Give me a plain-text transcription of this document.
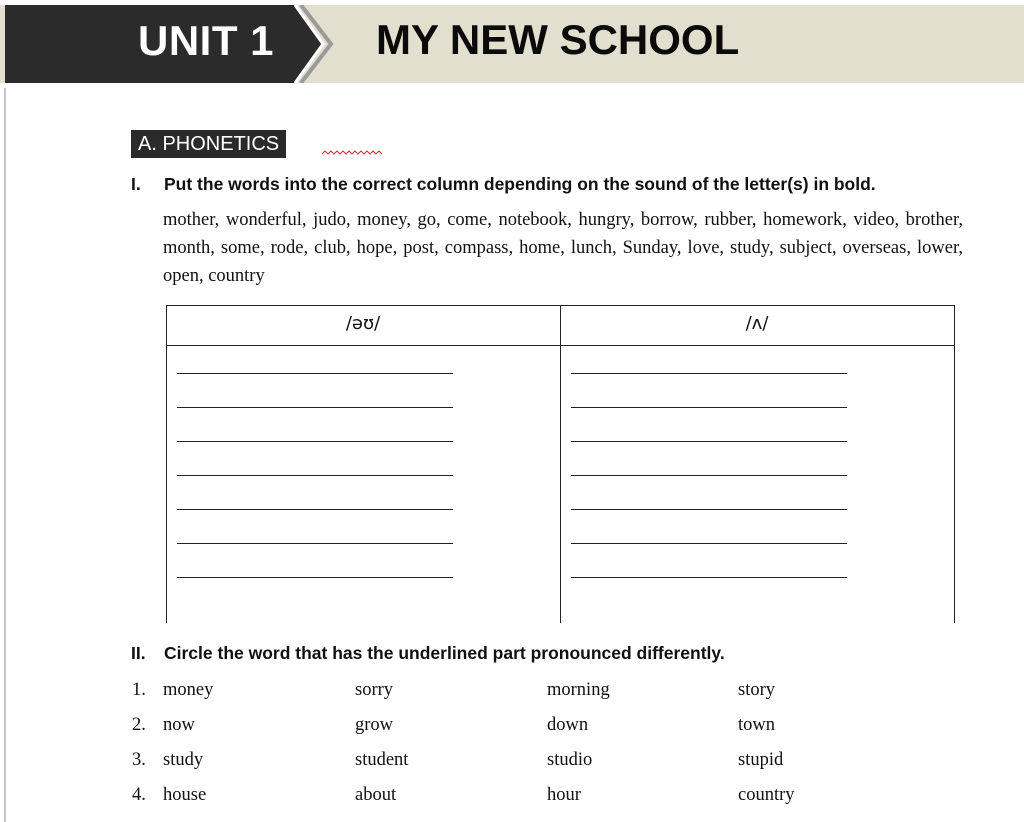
UNIT 1 MY NEW SCHOOL
A. PHONETICS
I. Put the words into the correct column depending on the sound of the letter(s) in bold.
mother, wonderful, judo, money, go, come, notebook, hungry, borrow, rubber, homework, video, brother, month, some, rode, club, hope, post, compass, home, lunch, Sunday, love, study, subject, overseas, lower, open, country
/əʊ/	/ʌ/
II. Circle the word that has the underlined part pronounced differently.
1. money	sorry	morning	story
2. now	grow	down	town
3. study	student	studio	stupid
4. house	about	hour	country
